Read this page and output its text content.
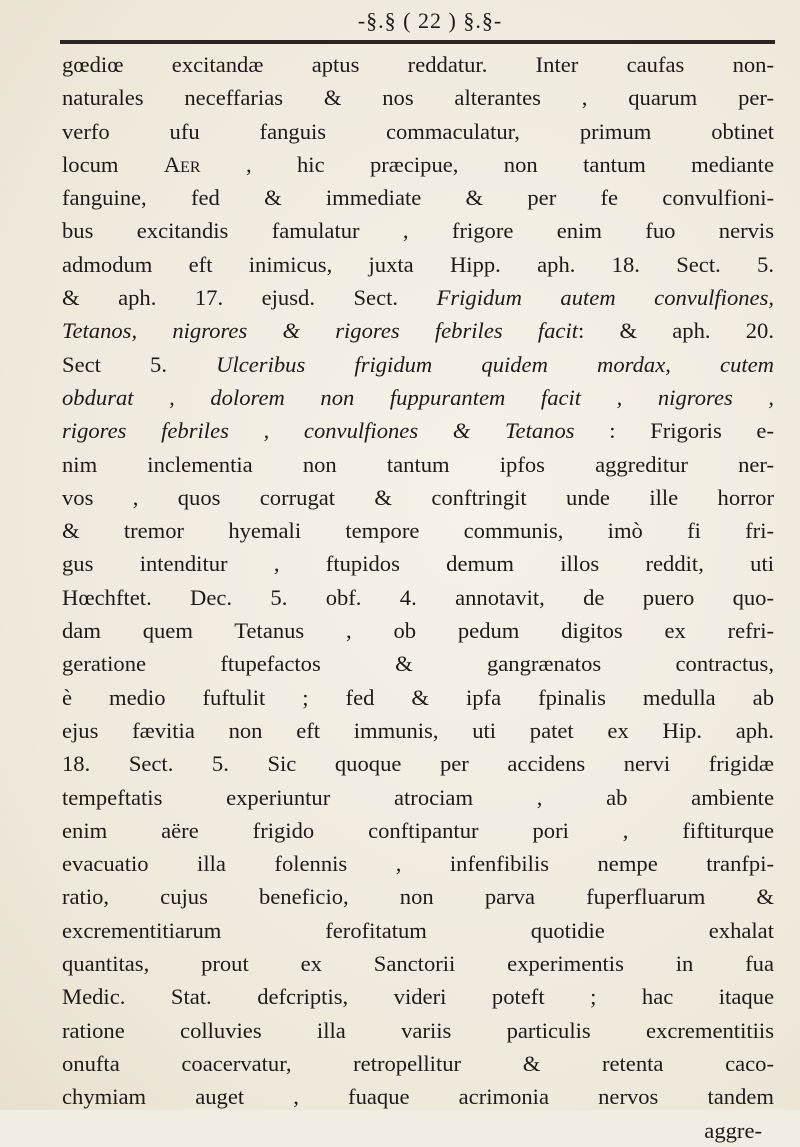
-§.§ ( 22 ) §.§-
gœdiœ excitandæ aptus reddatur. Inter caufas non-
naturales neceffarias & nos alterantes , quarum per-
verfo ufu fanguis commaculatur, primum obtinet
locum Aer , hic præcipue, non tantum mediante
fanguine, fed & immediate & per fe convulfioni-
bus excitandis famulatur , frigore enim fuo nervis
admodum eft inimicus, juxta Hipp. aph. 18. Sect. 5.
& aph. 17. ejusd. Sect. Frigidum autem convulfiones,
Tetanos, nigrores & rigores febriles facit: & aph. 20.
Sect 5. Ulceribus frigidum quidem mordax, cutem
obdurat , dolorem non fuppurantem facit , nigrores ,
rigores febriles , convulfiones & Tetanos : Frigoris e-
nim inclementia non tantum ipfos aggreditur ner-
vos , quos corrugat & conftringit unde ille horror
& tremor hyemali tempore communis, imò fi fri-
gus intenditur , ftupidos demum illos reddit, uti
Hœchftet. Dec. 5. obf. 4. annotavit, de puero quo-
dam quem Tetanus , ob pedum digitos ex refri-
geratione ftupefactos & gangrænatos contractus,
è medio fuftulit ; fed & ipfa fpinalis medulla ab
ejus fævitia non eft immunis, uti patet ex Hip. aph.
18. Sect. 5. Sic quoque per accidens nervi frigidæ
tempeftatis experiuntur atrociam , ab ambiente
enim aëre frigido conftipantur pori , fiftiturque
evacuatio illa folennis , infenfibilis nempe tranfpi-
ratio, cujus beneficio, non parva fuperfluarum &
excrementitiarum ferofitatum quotidie exhalat
quantitas, prout ex Sanctorii experimentis in fua
Medic. Stat. defcriptis, videri poteft ; hac itaque
ratione colluvies illa variis particulis excrementitiis
onufta coacervatur, retropellitur & retenta caco-
chymiam auget , fuaque acrimonia nervos tandem
aggre-
